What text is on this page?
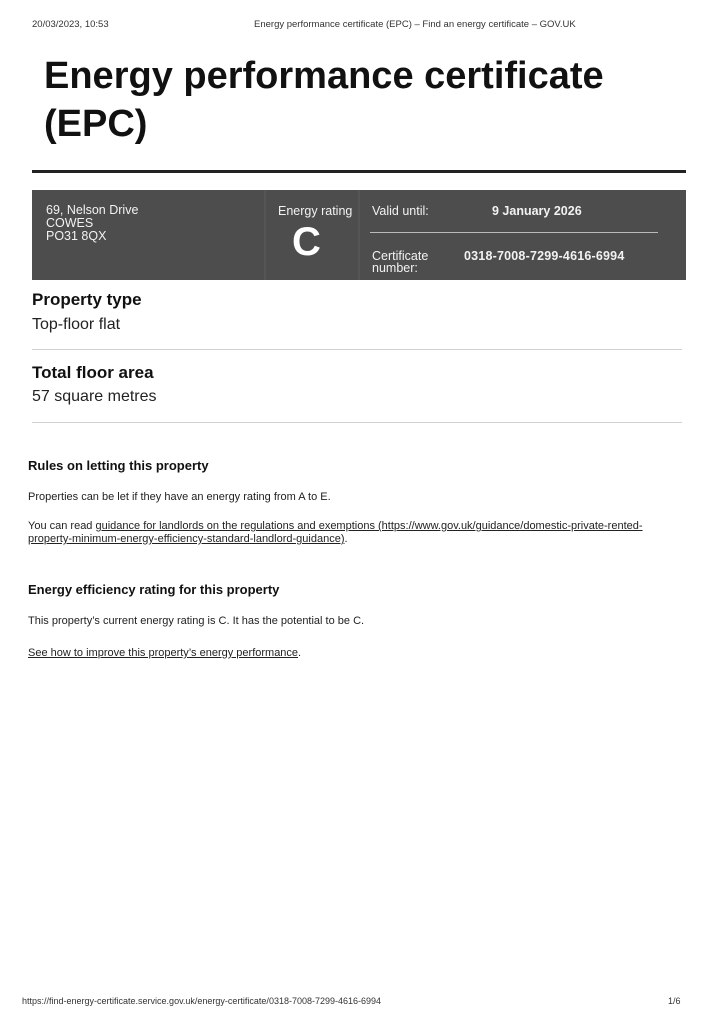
20/03/2023, 10:53	Energy performance certificate (EPC) – Find an energy certificate – GOV.UK
Energy performance certificate
(EPC)
69, Nelson Drive
COWES
PO31 8QX
Energy rating
C
Valid until:	9 January 2026
Certificate
number:
0318-7008-7299-4616-6994
Property type

Top-floor flat

Total floor area

57 square metres

Rules on letting this property

Properties can be let if they have an energy rating from A to E.

You can read guidance for landlords on the regulations and exemptions (https://www.gov.uk/guidance/domestic-private-rented-
property-minimum-energy-efficiency-standard-landlord-guidance).

Energy efficiency rating for this property

This property’s current energy rating is C. It has the potential to be C.

See how to improve this property’s energy performance.

https://find-energy-certificate.service.gov.uk/energy-certificate/0318-7008-7299-4616-6994	1/6
